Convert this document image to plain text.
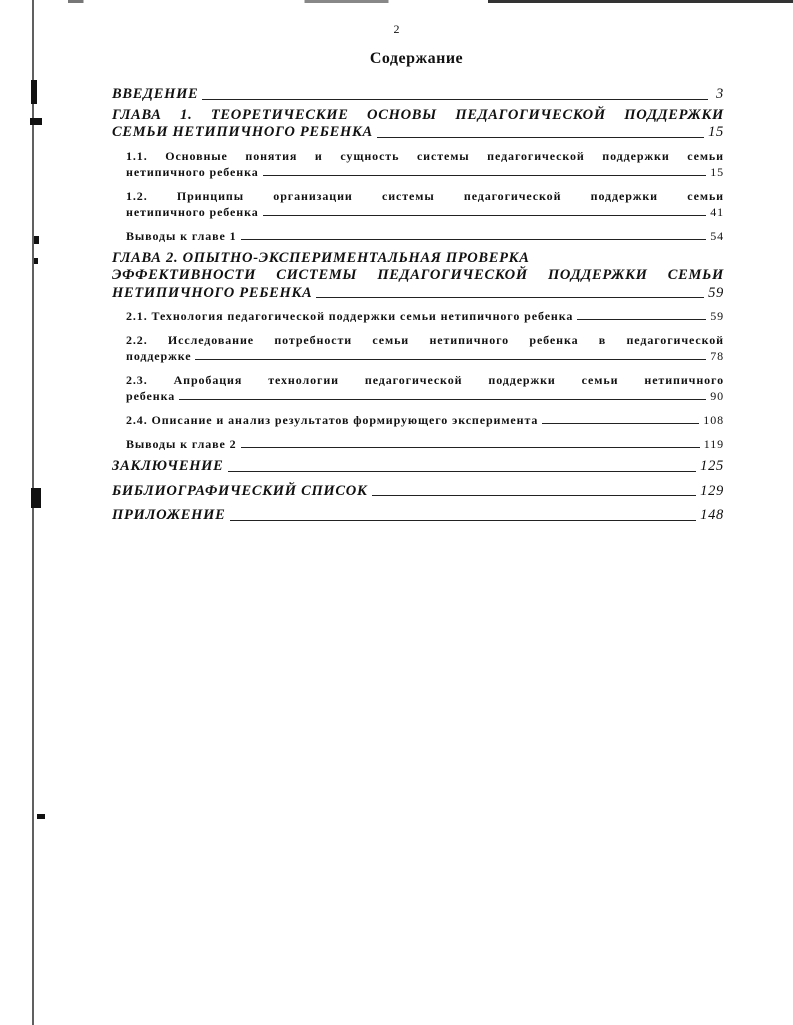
2
Содержание
ВВЕДЕНИЕ	3
ГЛАВА 1. ТЕОРЕТИЧЕСКИЕ ОСНОВЫ ПЕДАГОГИЧЕСКОЙ ПОДДЕРЖКИ
СЕМЬИ НЕТИПИЧНОГО РЕБЕНКА	15
1.1. Основные понятия и сущность системы педагогической поддержки семьи
нетипичного ребенка	15
1.2. Принципы организации системы педагогической поддержки семьи
нетипичного ребенка	41
Выводы к главе 1	54
ГЛАВА 2. ОПЫТНО-ЭКСПЕРИМЕНТАЛЬНАЯ ПРОВЕРКА
ЭФФЕКТИВНОСТИ СИСТЕМЫ ПЕДАГОГИЧЕСКОЙ ПОДДЕРЖКИ СЕМЬИ
НЕТИПИЧНОГО РЕБЕНКА	59
2.1. Технология педагогической поддержки семьи нетипичного ребенка	59
2.2. Исследование потребности семьи нетипичного ребенка в педагогической
поддержке	78
2.3. Апробация технологии педагогической поддержки семьи нетипичного
ребенка	90
2.4. Описание и анализ результатов формирующего эксперимента	108
Выводы к главе 2	119
ЗАКЛЮЧЕНИЕ	125
БИБЛИОГРАФИЧЕСКИЙ СПИСОК	129
ПРИЛОЖЕНИЕ	148
